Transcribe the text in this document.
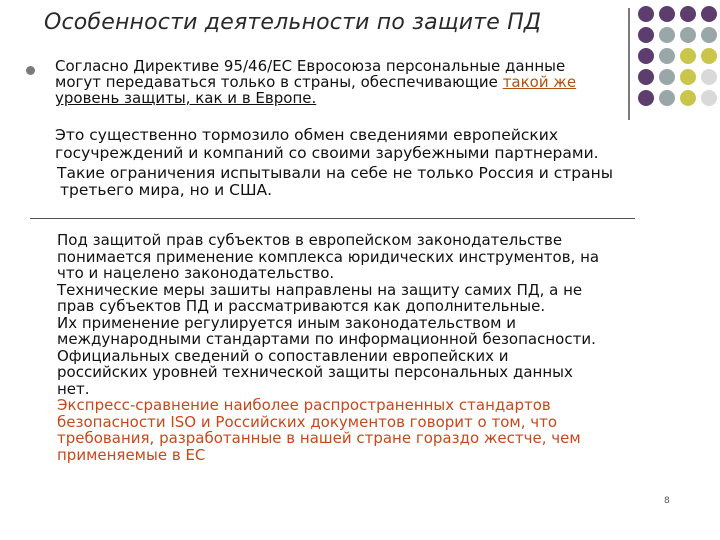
Особенности деятельности по защите ПД
Согласно Директиве 95/46/ЕС Евросоюза персональные данные
могут передаваться только в страны, обеспечивающие такой же
уровень защиты, как и в Европе.
Это существенно тормозило обмен сведениями европейских
госучреждений и компаний со своими зарубежными партнерами.
Такие ограничения испытывали на себе не только Россия и страны
третьего мира, но и США.
Под защитой прав субъектов в европейском законодательстве
понимается применение комплекса юридических инструментов, на
что и нацелено законодательство.
Технические меры зашиты направлены на защиту самих ПД, а не
прав субъектов ПД и рассматриваются как дополнительные.
Их применение регулируется иным законодательством и
международными стандартами по информационной безопасности.
Официальных сведений о сопоставлении европейских и
российских уровней технической защиты персональных данных
нет.
Экспресс-сравнение наиболее распространенных стандартов
безопасности ISO и Российских документов говорит о том, что
требования, разработанные в нашей стране гораздо жестче, чем
применяемые в ЕС
8
